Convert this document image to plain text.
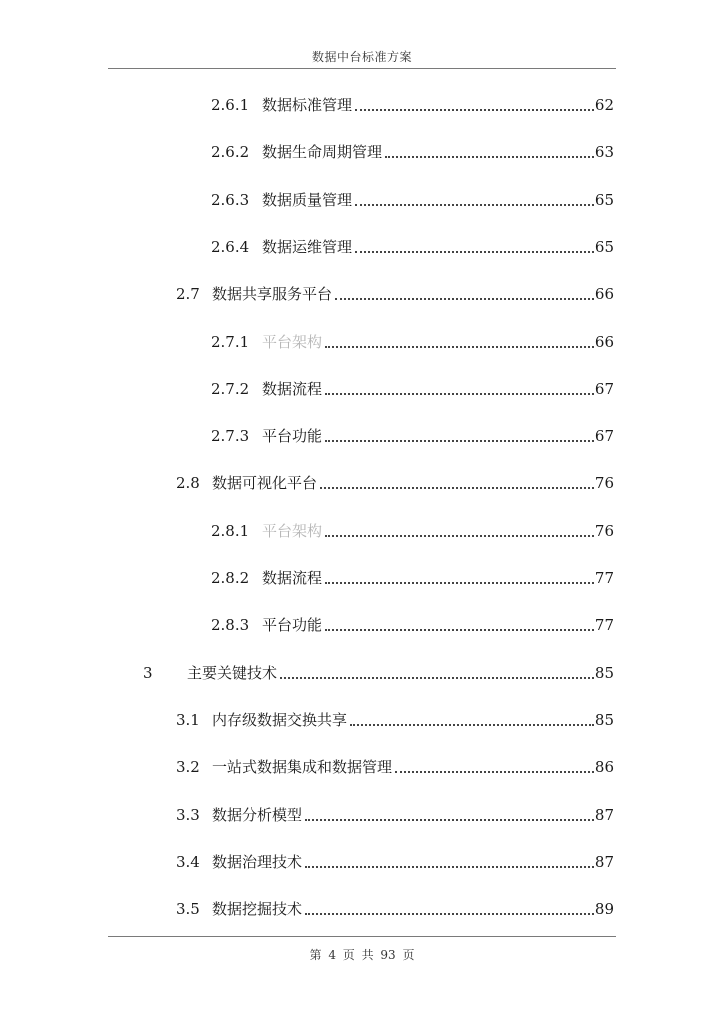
数据中台标准方案
2.6.1 数据标准管理	62
2.6.2 数据生命周期管理	63
2.6.3 数据质量管理	65
2.6.4 数据运维管理	65
2.7 数据共享服务平台	66
2.7.1 平台架构	66
2.7.2 数据流程	67
2.7.3 平台功能	67
2.8 数据可视化平台	76
2.8.1 平台架构	76
2.8.2 数据流程	77
2.8.3 平台功能	77
3 主要关键技术	85
3.1 内存级数据交换共享	85
3.2 一站式数据集成和数据管理	86
3.3 数据分析模型	87
3.4 数据治理技术	87
3.5 数据挖掘技术	89
第 4 页 共 93 页
